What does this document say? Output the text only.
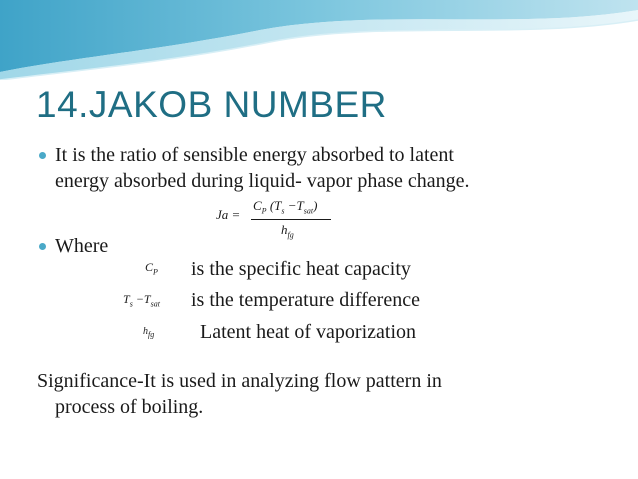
14.JAKOB NUMBER
It is the ratio of sensible energy absorbed to latent
energy absorbed during liquid- vapor phase change.
Ja =
$C_P$ $(T_s -T_{sat})$
$h_{fg}$
Where
$C_P$ is the specific heat capacity
$T_s -T_{sat}$ is the temperature difference
$h_{fg}$ Latent heat of vaporization
Significance-It is used in analyzing flow pattern in
process of boiling.
